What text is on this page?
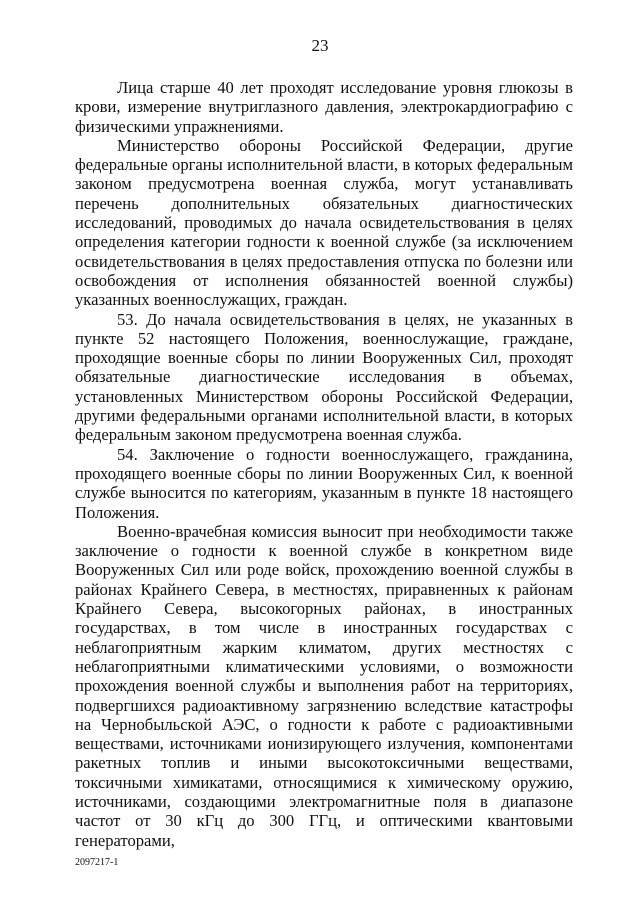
23

Лица старше 40 лет проходят исследование уровня глюкозы в крови, измерение внутриглазного давления, электрокардиографию с физическими упражнениями.

Министерство обороны Российской Федерации, другие федеральные органы исполнительной власти, в которых федеральным законом предусмотрена военная служба, могут устанавливать перечень дополнительных обязательных диагностических исследований, проводимых до начала освидетельствования в целях определения категории годности к военной службе (за исключением освидетельствования в целях предоставления отпуска по болезни или освобождения от исполнения обязанностей военной службы) указанных военнослужащих, граждан.

53. До начала освидетельствования в целях, не указанных в пункте 52 настоящего Положения, военнослужащие, граждане, проходящие военные сборы по линии Вооруженных Сил, проходят обязательные диагностические исследования в объемах, установленных Министерством обороны Российской Федерации, другими федеральными органами исполнительной власти, в которых федеральным законом предусмотрена военная служба.

54. Заключение о годности военнослужащего, гражданина, проходящего военные сборы по линии Вооруженных Сил, к военной службе выносится по категориям, указанным в пункте 18 настоящего Положения.

Военно-врачебная комиссия выносит при необходимости также заключение о годности к военной службе в конкретном виде Вооруженных Сил или роде войск, прохождению военной службы в районах Крайнего Севера, в местностях, приравненных к районам Крайнего Севера, высокогорных районах, в иностранных государствах, в том числе в иностранных государствах с неблагоприятным жарким климатом, других местностях с неблагоприятными климатическими условиями, о возможности прохождения военной службы и выполнения работ на территориях, подвергшихся радиоактивному загрязнению вследствие катастрофы на Чернобыльской АЭС, о годности к работе с радиоактивными веществами, источниками ионизирующего излучения, компонентами ракетных топлив и иными высокотоксичными веществами, токсичными химикатами, относящимися к химическому оружию, источниками, создающими электромагнитные поля в диапазоне частот от 30 кГц до 300 ГГц, и оптическими квантовыми генераторами,

2097217-1
